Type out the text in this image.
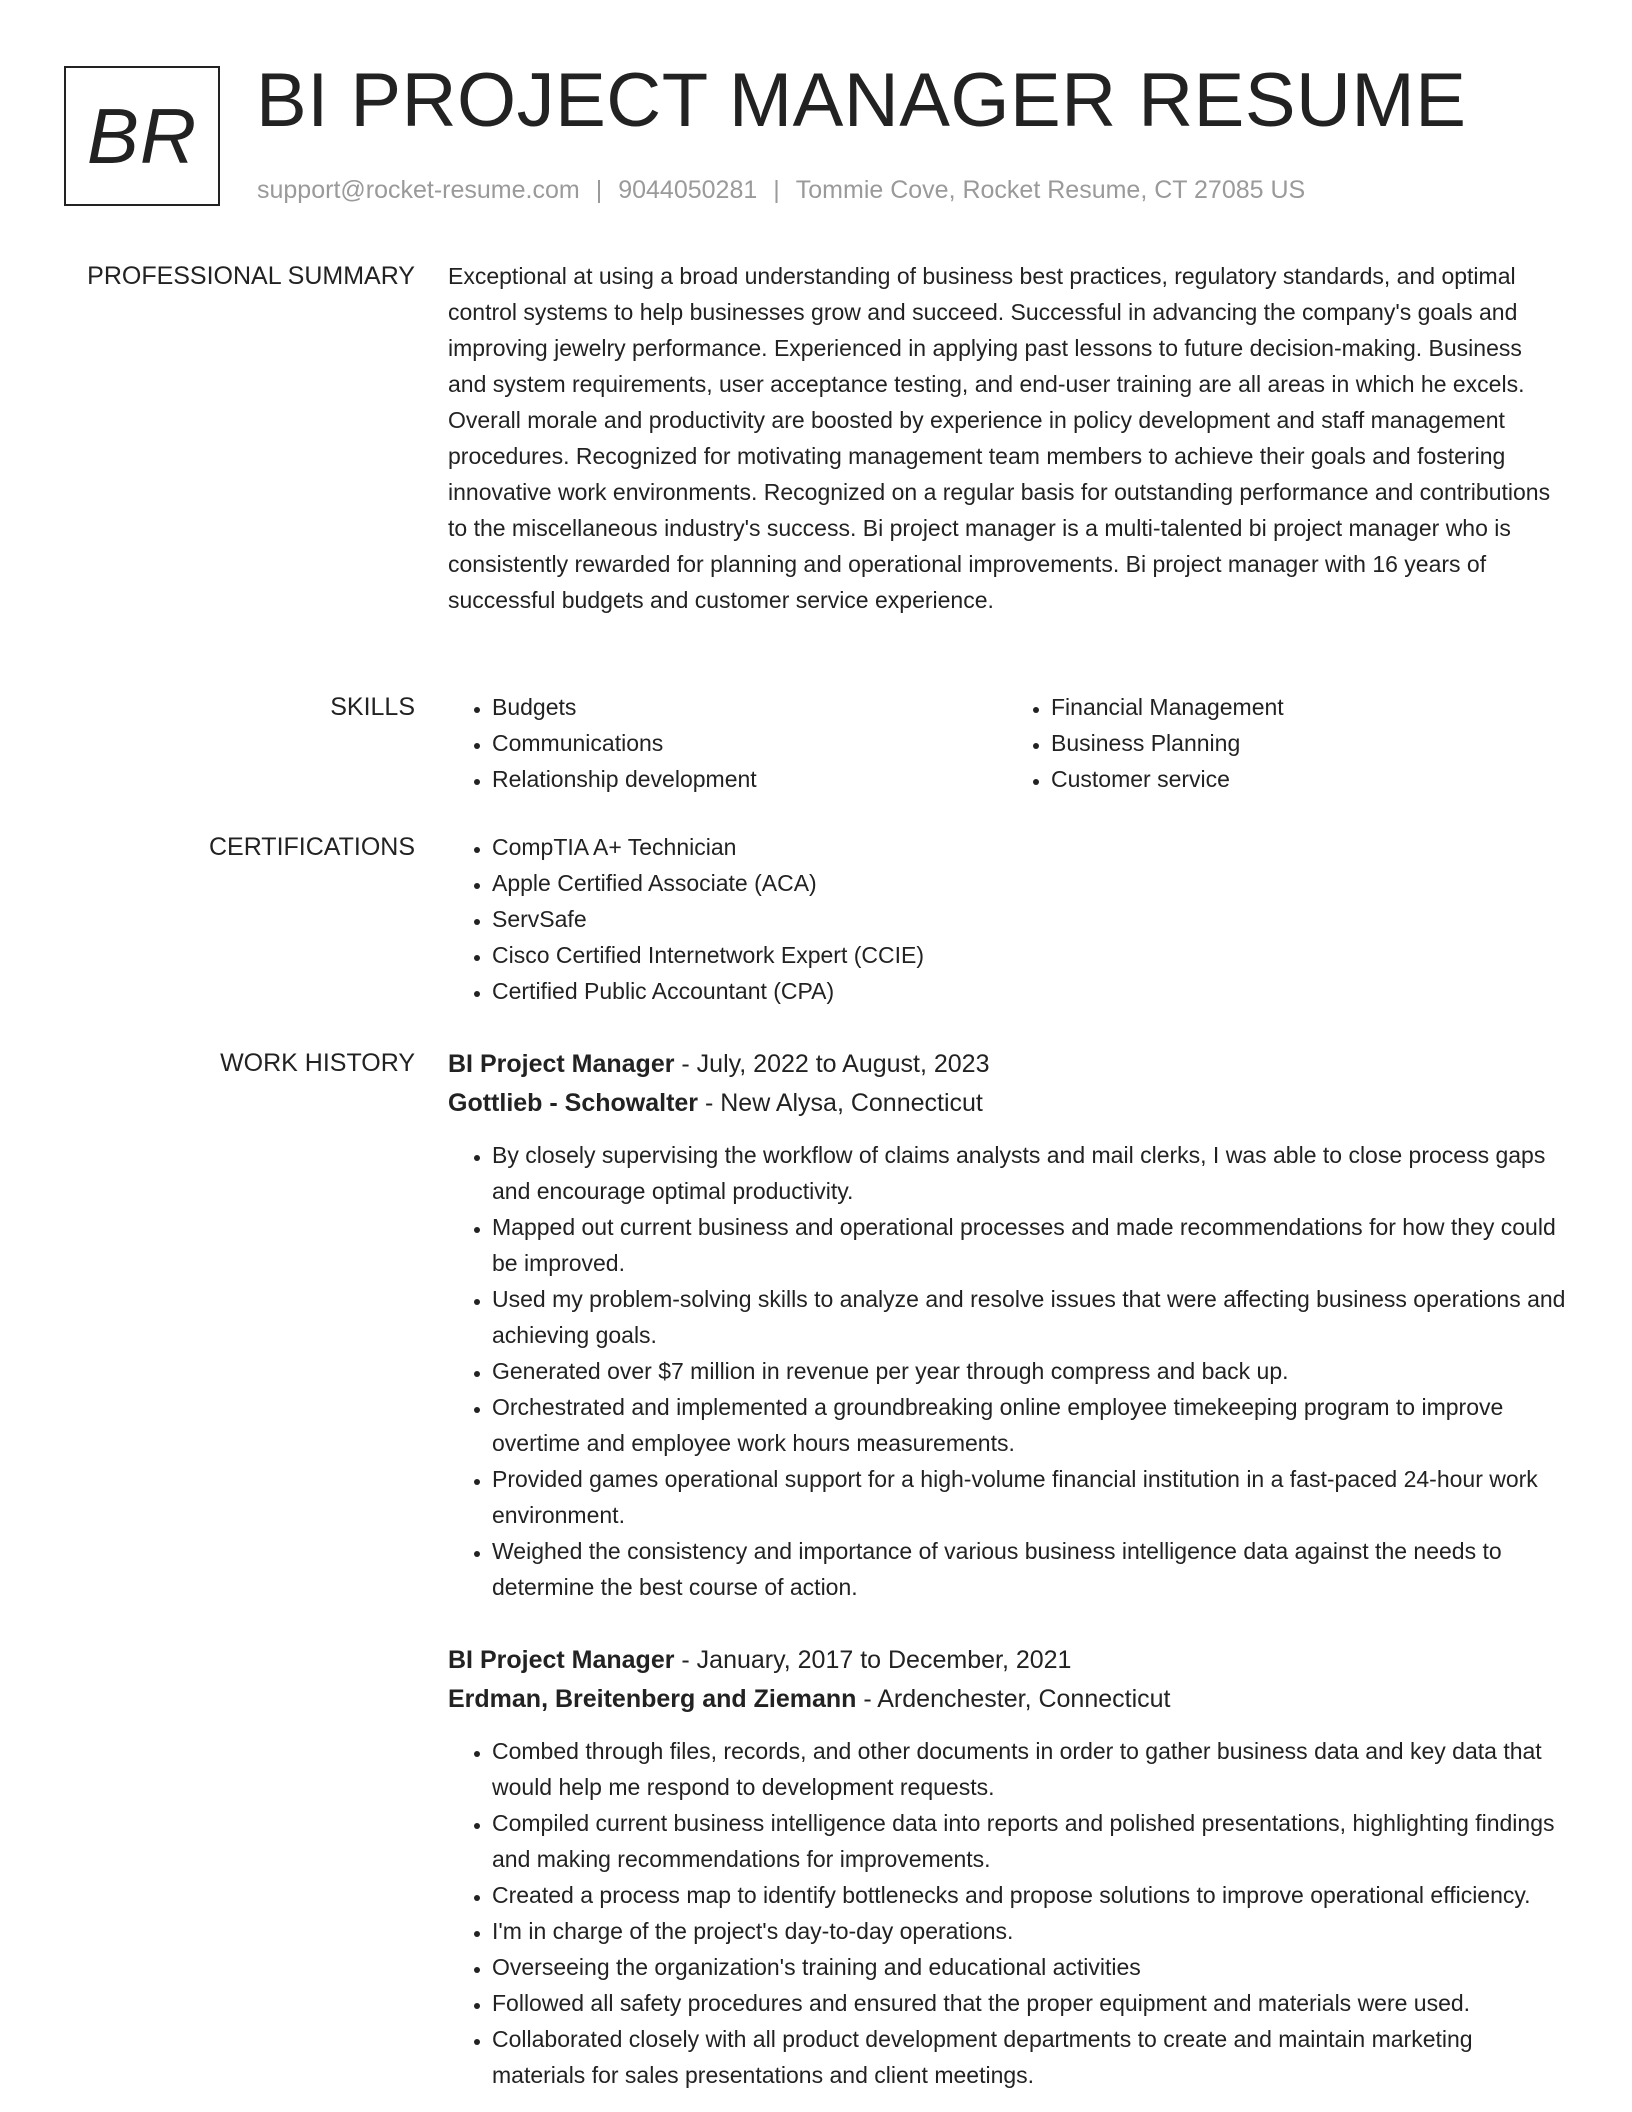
BR BI PROJECT MANAGER RESUME
support@rocket-resume.com | 9044050281 | Tommie Cove, Rocket Resume, CT 27085 US
PROFESSIONAL SUMMARY Exceptional at using a broad understanding of business best practices, regulatory standards, and optimal control systems to help businesses grow and succeed. Successful in advancing the company's goals and improving jewelry performance. Experienced in applying past lessons to future decision-making. Business and system requirements, user acceptance testing, and end-user training are all areas in which he excels. Overall morale and productivity are boosted by experience in policy development and staff management procedures. Recognized for motivating management team members to achieve their goals and fostering innovative work environments. Recognized on a regular basis for outstanding performance and contributions to the miscellaneous industry's success. Bi project manager is a multi-talented bi project manager who is consistently rewarded for planning and operational improvements. Bi project manager with 16 years of successful budgets and customer service experience.

SKILLS	• Budgets
• Communications
• Relationship development
• Financial Management
• Business Planning
• Customer service
CERTIFICATIONS	• CompTIA A+ Technician
• Apple Certified Associate (ACA)
• ServSafe
• Cisco Certified Internetwork Expert (CCIE)
• Certified Public Accountant (CPA)
WORK HISTORY BI Project Manager - July, 2022 to August, 2023
Gottlieb - Schowalter - New Alysa, Connecticut
• By closely supervising the workflow of claims analysts and mail clerks, I was able to close process gaps and encourage optimal productivity.
• Mapped out current business and operational processes and made recommendations for how they could be improved.
• Used my problem-solving skills to analyze and resolve issues that were affecting business operations and achieving goals.
• Generated over $7 million in revenue per year through compress and back up.
• Orchestrated and implemented a groundbreaking online employee timekeeping program to improve overtime and employee work hours measurements.
• Provided games operational support for a high-volume financial institution in a fast-paced 24-hour work environment.
• Weighed the consistency and importance of various business intelligence data against the needs to determine the best course of action.
BI Project Manager - January, 2017 to December, 2021
Erdman, Breitenberg and Ziemann - Ardenchester, Connecticut
• Combed through files, records, and other documents in order to gather business data and key data that would help me respond to development requests.
• Compiled current business intelligence data into reports and polished presentations, highlighting findings and making recommendations for improvements.
• Created a process map to identify bottlenecks and propose solutions to improve operational efficiency.
• I'm in charge of the project's day-to-day operations.
• Overseeing the organization's training and educational activities
• Followed all safety procedures and ensured that the proper equipment and materials were used.
• Collaborated closely with all product development departments to create and maintain marketing materials for sales presentations and client meetings.
